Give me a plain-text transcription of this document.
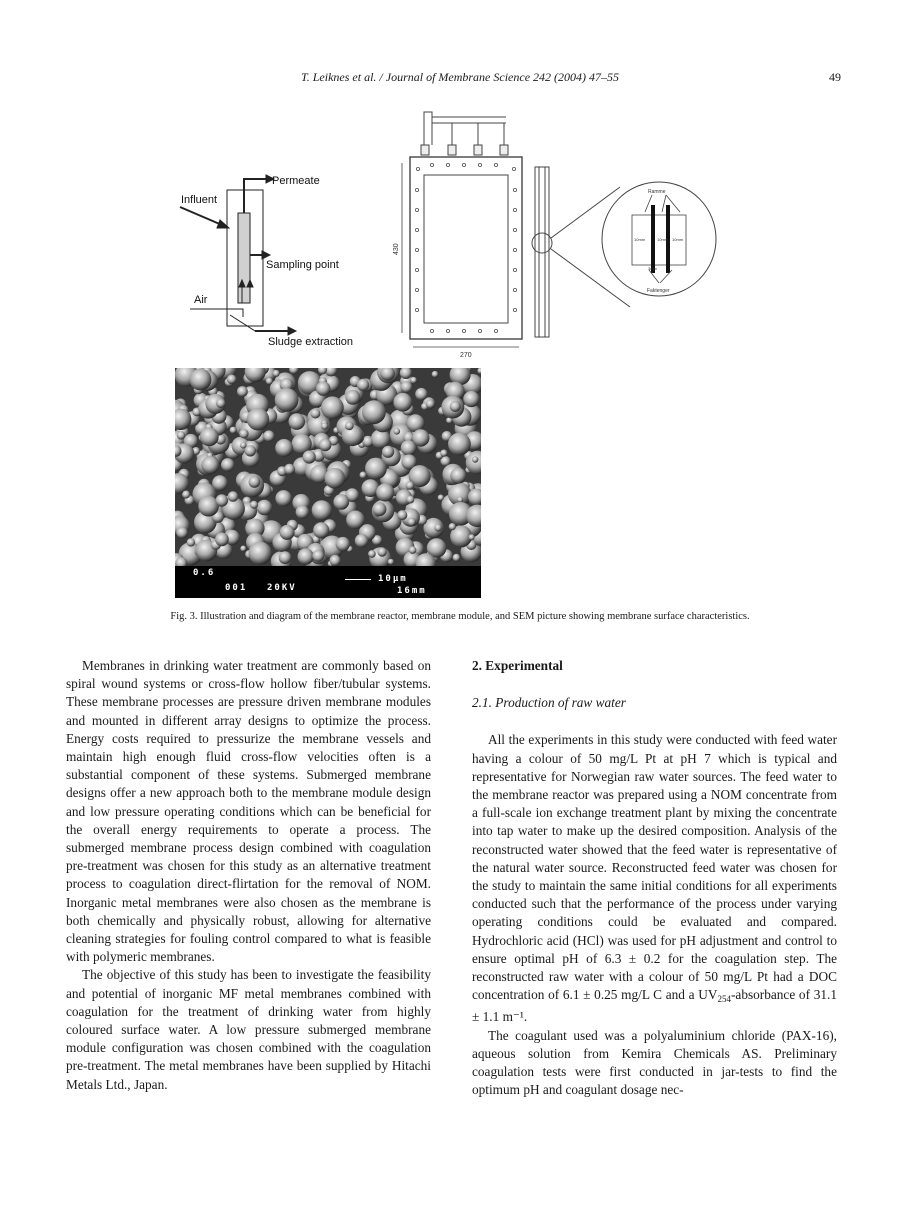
T. Leiknes et al. / Journal of Membrane Science 242 (2004) 47–55	49
Influent
Permeate
Sampling point
Air
Sludge extraction
430
270
Ramme
Faktenger
10mm	10mm 10mm
3mm
0.6
001 20KV
10µm
16mm
Fig. 3. Illustration and diagram of the membrane reactor, membrane module, and SEM picture showing membrane surface characteristics.

Membranes in drinking water treatment are commonly based on spiral wound systems or cross-flow hollow fiber/tubular systems. These membrane processes are pressure driven membrane modules and mounted in different array designs to optimize the process. Energy costs required to pressurize the membrane vessels and maintain high enough fluid cross-flow velocities often is a substantial component of these systems. Submerged membrane designs offer a new approach both to the membrane module design and low pressure operating conditions which can be beneficial for the overall energy requirements to operate a process. The submerged membrane process design combined with coagulation pre-treatment was chosen for this study as an alternative treatment process to coagulation direct-flirtation for the removal of NOM. Inorganic metal membranes were also chosen as the membrane is both chemically and physically robust, allowing for alternative cleaning strategies for fouling control compared to what is feasible with polymeric membranes.

The objective of this study has been to investigate the feasibility and potential of inorganic MF metal membranes combined with coagulation for the treatment of drinking water from highly coloured surface water. A low pressure submerged membrane module configuration was chosen combined with the coagulation pre-treatment. The metal membranes have been supplied by Hitachi Metals Ltd., Japan.

2. Experimental
2.1. Production of raw water

All the experiments in this study were conducted with feed water having a colour of 50 mg/L Pt at pH 7 which is typical and representative for Norwegian raw water sources. The feed water to the membrane reactor was prepared using a NOM concentrate from a full-scale ion exchange treatment plant by mixing the concentrate into tap water to make up the desired composition. Analysis of the reconstructed water showed that the feed water is representative of the natural water source. Reconstructed feed water was chosen for the study to maintain the same initial conditions for all experiments conducted such that the performance of the process under varying operating conditions could be evaluated and compared. Hydrochloric acid (HCl) was used for pH adjustment and control to ensure optimal pH of 6.3 ± 0.2 for the coagulation step. The reconstructed raw water with a colour of 50 mg/L Pt had a DOC concentration of 6.1 ± 0.25 mg/L C and a $UV_{254}$-absorbance of 31.1 ± 1.1 m⁻¹.

The coagulant used was a polyaluminium chloride (PAX-16), aqueous solution from Kemira Chemicals AS. Preliminary coagulation tests were first conducted in jar-tests to find the optimum pH and coagulant dosage nec-
